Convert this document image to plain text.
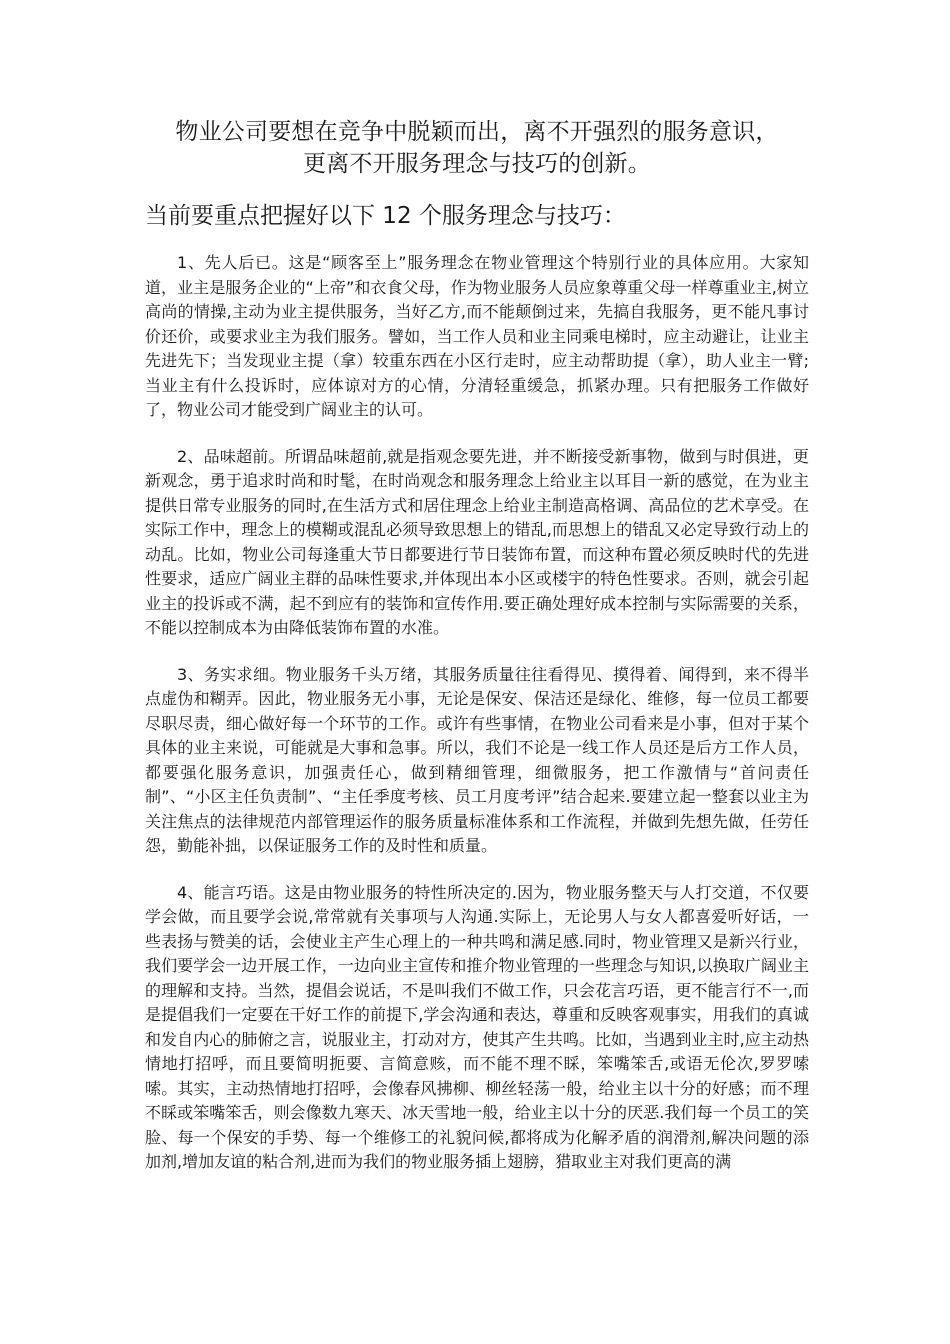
物业公司要想在竞争中脱颖而出，离不开强烈的服务意识，
更离不开服务理念与技巧的创新。
当前要重点把握好以下 12 个服务理念与技巧：

1、先人后已。这是“顾客至上”服务理念在物业管理这个特别行业的具体应用。大家知道，业主是服务企业的“上帝”和衣食父母，作为物业服务人员应象尊重父母一样尊重业主,树立高尚的情操,主动为业主提供服务，当好乙方,而不能颠倒过来，先搞自我服务，更不能凡事讨价还价，或要求业主为我们服务。譬如，当工作人员和业主同乘电梯时，应主动避让，让业主先进先下；当发现业主提（拿）较重东西在小区行走时，应主动帮助提（拿），助人业主一臂;当业主有什么投诉时，应体谅对方的心情，分清轻重缓急，抓紧办理。只有把服务工作做好了，物业公司才能受到广阔业主的认可。

2、品味超前。所谓品味超前,就是指观念要先进，并不断接受新事物，做到与时俱进，更新观念，勇于追求时尚和时髦，在时尚观念和服务理念上给业主以耳目一新的感觉，在为业主提供日常专业服务的同时,在生活方式和居住理念上给业主制造高格调、高品位的艺术享受。在实际工作中，理念上的模糊或混乱必须导致思想上的错乱,而思想上的错乱又必定导致行动上的动乱。比如，物业公司每逢重大节日都要进行节日装饰布置，而这种布置必须反映时代的先进性要求，适应广阔业主群的品味性要求,并体现出本小区或楼宇的特色性要求。否则，就会引起业主的投诉或不满，起不到应有的装饰和宣传作用.要正确处理好成本控制与实际需要的关系，不能以控制成本为由降低装饰布置的水准。

3、务实求细。物业服务千头万绪，其服务质量往往看得见、摸得着、闻得到，来不得半点虚伪和糊弄。因此，物业服务无小事，无论是保安、保洁还是绿化、维修，每一位员工都要尽职尽责，细心做好每一个环节的工作。或许有些事情，在物业公司看来是小事，但对于某个具体的业主来说，可能就是大事和急事。所以，我们不论是一线工作人员还是后方工作人员，都要强化服务意识，加强责任心，做到精细管理，细微服务，把工作激情与“首问责任制”、“小区主任负责制”、“主任季度考核、员工月度考评”结合起来.要建立起一整套以业主为关注焦点的法律规范内部管理运作的服务质量标准体系和工作流程，并做到先想先做，任劳任怨，勤能补拙，以保证服务工作的及时性和质量。

4、能言巧语。这是由物业服务的特性所决定的.因为，物业服务整天与人打交道，不仅要学会做，而且要学会说,常常就有关事项与人沟通.实际上，无论男人与女人都喜爱听好话，一些表扬与赞美的话，会使业主产生心理上的一种共鸣和满足感.同时，物业管理又是新兴行业，我们要学会一边开展工作，一边向业主宣传和推介物业管理的一些理念与知识,以换取广阔业主的理解和支持。当然，提倡会说话，不是叫我们不做工作，只会花言巧语，更不能言行不一,而是提倡我们一定要在干好工作的前提下,学会沟通和表达，尊重和反映客观事实，用我们的真诚和发自内心的肺俯之言，说服业主，打动对方，使其产生共鸣。比如，当遇到业主时,应主动热情地打招呼，而且要简明扼要、言简意赅，而不能不理不睬，笨嘴笨舌,或语无伦次,罗罗嗦嗦。其实，主动热情地打招呼，会像春风拂柳、柳丝轻荡一般，给业主以十分的好感；而不理不睬或笨嘴笨舌，则会像数九寒天、冰天雪地一般，给业主以十分的厌恶.我们每一个员工的笑脸、每一个保安的手势、每一个维修工的礼貌问候,都将成为化解矛盾的润滑剂,解决问题的添加剂,增加友谊的粘合剂,进而为我们的物业服务插上翅膀，猎取业主对我们更高的满
